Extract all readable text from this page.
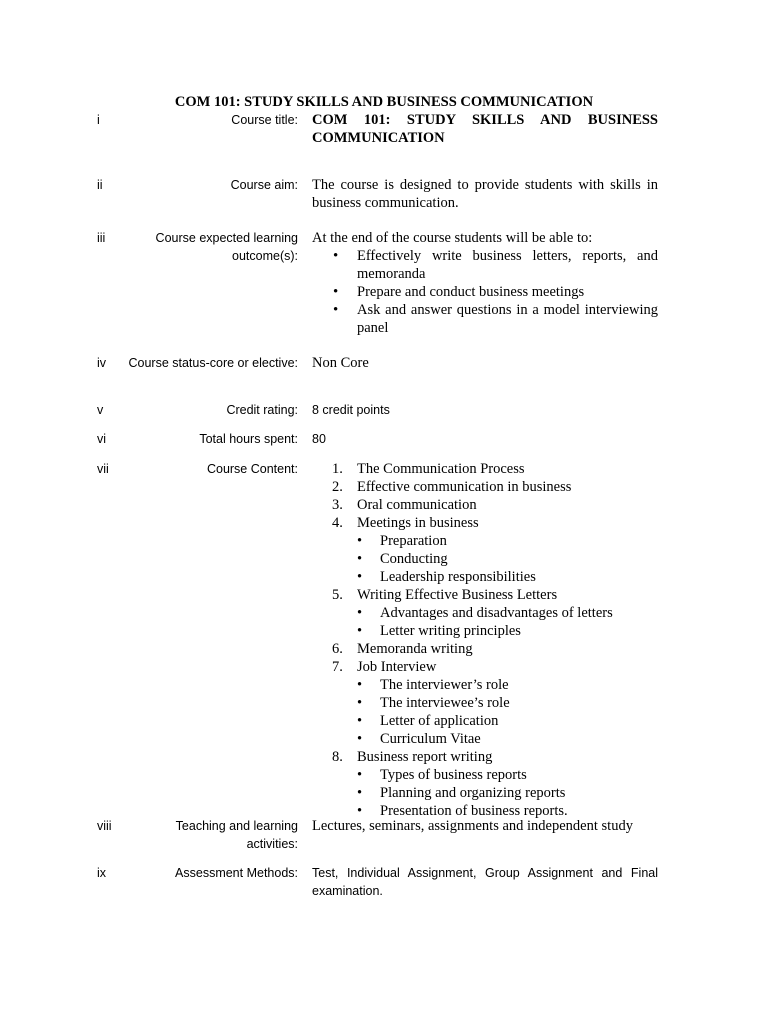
COM 101: STUDY SKILLS AND BUSINESS COMMUNICATION
i	Course title: COM 101: STUDY SKILLS AND BUSINESS COMMUNICATION
ii	Course aim: The course is designed to provide students with skills in business communication.
iii	Course expected learning outcome(s):
At the end of the course students will be able to:
• Effectively write business letters, reports, and memoranda
• Prepare and conduct business meetings
• Ask and answer questions in a model interviewing panel
iv Course status-core or elective: Non Core
v	Credit rating: 8 credit points
vi	Total hours spent: 80
vii	Course Content: 1. The Communication Process
2. Effective communication in business
3. Oral communication
4. Meetings in business
• Preparation
• Conducting
• Leadership responsibilities
5. Writing Effective Business Letters
• Advantages and disadvantages of letters
• Letter writing principles
6. Memoranda writing
7. Job Interview
• The interviewer’s role
• The interviewee’s role
• Letter of application
• Curriculum Vitae
8. Business report writing
• Types of business reports
• Planning and organizing reports
• Presentation of business reports.
viii	Teaching and learning activities:
Lectures, seminars, assignments and independent study
ix	Assessment Methods: Test, Individual Assignment, Group Assignment and Final examination.
